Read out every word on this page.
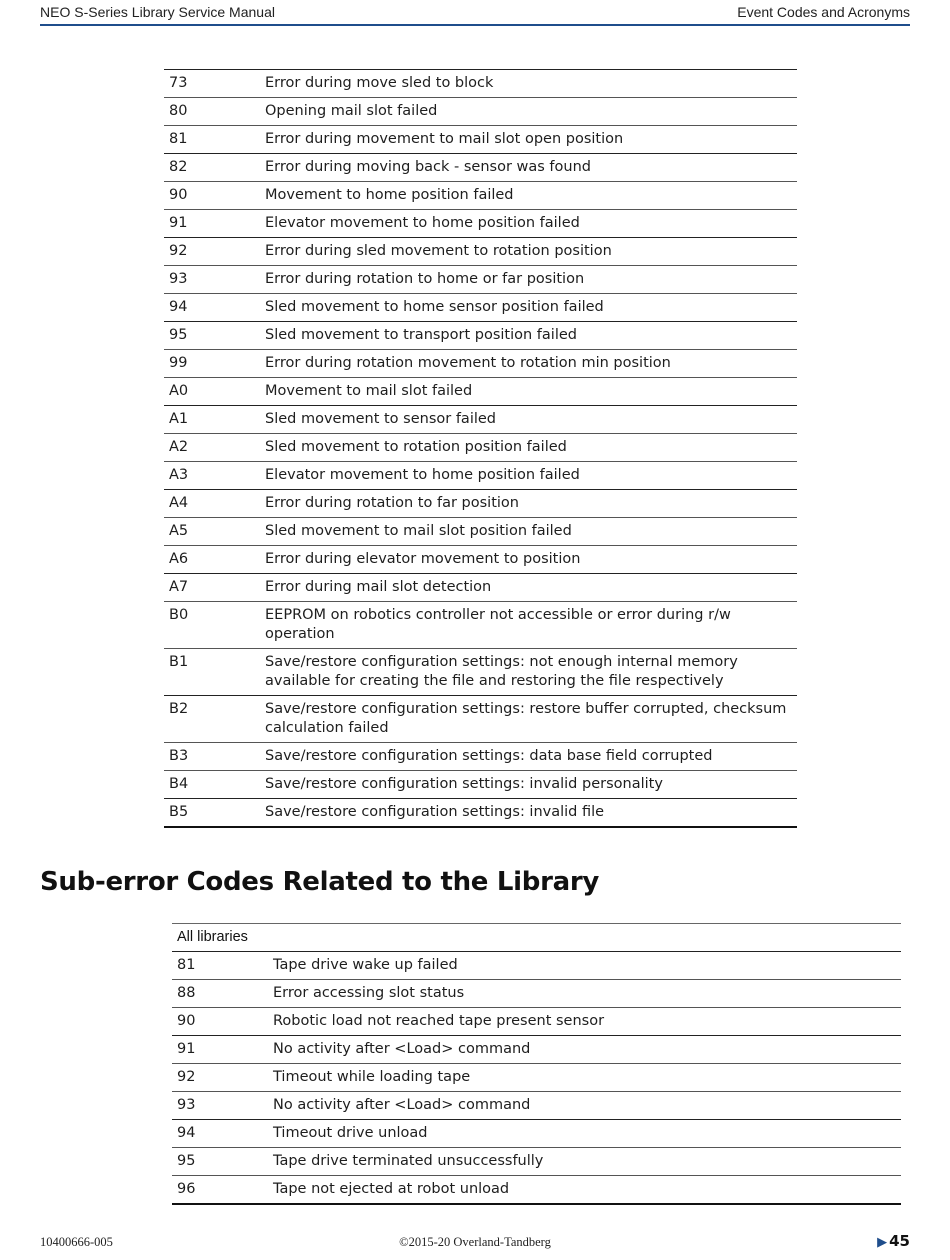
NEO S-Series Library Service Manual	Event Codes and Acronyms
73	Error during move sled to block
80	Opening mail slot failed
81	Error during movement to mail slot open position
82	Error during moving back - sensor was found
90	Movement to home position failed
91	Elevator movement to home position failed
92	Error during sled movement to rotation position
93	Error during rotation to home or far position
94	Sled movement to home sensor position failed
95	Sled movement to transport position failed
99	Error during rotation movement to rotation min position
A0	Movement to mail slot failed
A1	Sled movement to sensor failed
A2	Sled movement to rotation position failed
A3	Elevator movement to home position failed
A4	Error during rotation to far position
A5	Sled movement to mail slot position failed
A6	Error during elevator movement to position
A7	Error during mail slot detection
B0	EEPROM on robotics controller not accessible or error during r/w operation
B1	Save/restore configuration settings: not enough internal memory available for creating the file and restoring the file respectively
B2	Save/restore configuration settings: restore buffer corrupted, checksum calculation failed
B3	Save/restore configuration settings: data base field corrupted
B4	Save/restore configuration settings: invalid personality
B5	Save/restore configuration settings: invalid file
Sub-error Codes Related to the Library
All libraries	
81	Tape drive wake up failed
88	Error accessing slot status
90	Robotic load not reached tape present sensor
91	No activity after <Load> command
92	Timeout while loading tape
93	No activity after <Load> command
94	Timeout drive unload
95	Tape drive terminated unsuccessfully
96	Tape not ejected at robot unload
10400666-005	©2015-20 Overland-Tandberg	▶ 45
